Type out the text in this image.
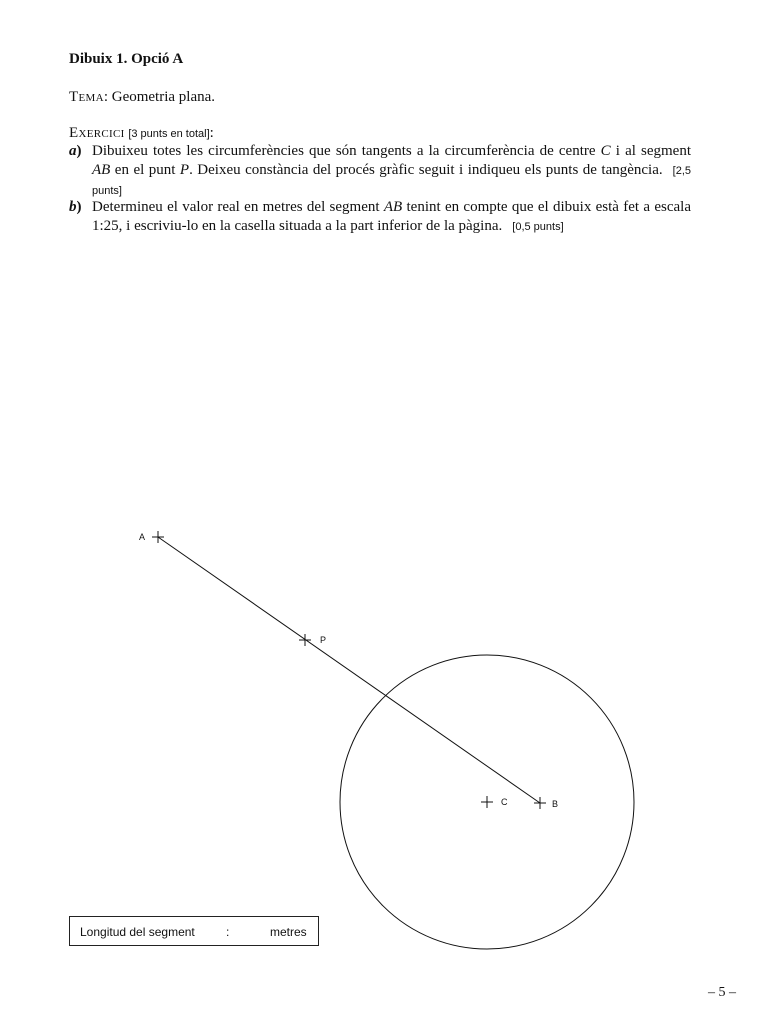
Dibuix 1. Opció A
Tema: Geometria plana.
Exercici [3 punts en total]:
a) Dibuixeu totes les circumferències que són tangents a la circumferència de centre C i al segment AB en el punt P. Deixeu constància del procés gràfic seguit i indiqueu els punts de tangència. [2,5 punts]
b) Determineu el valor real en metres del segment AB tenint en compte que el dibuix està fet a escala 1:25, i escriviu-lo en la casella situada a la part inferior de la pàgina. [0,5 punts]
A
P
C	B
Longitud del segment	:	metres
– 5 –
